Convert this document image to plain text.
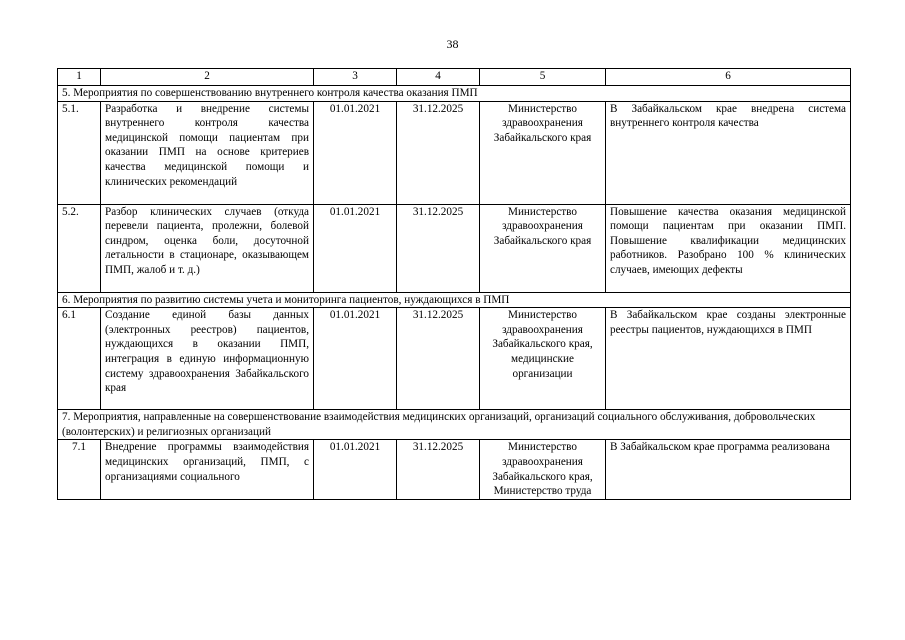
38
1	2	3	4	5	6
5. Мероприятия по совершенствованию внутреннего контроля качества оказания ПМП					
5.1.	Разработка и внедрение системы внутреннего контроля качества медицинской помощи пациентам при оказании ПМП на основе критериев качества медицинской помощи и клинических рекомендаций	01.01.2021	31.12.2025	Министерство здравоохранения Забайкальского края	В Забайкальском крае внедрена система внутреннего контроля качества
5.2.	Разбор клинических случаев (откуда перевели пациента, пролежни, болевой синдром, оценка боли, досуточной летальности в стационаре, оказывающем ПМП, жалоб и т. д.)	01.01.2021	31.12.2025	Министерство здравоохранения Забайкальского края	Повышение качества оказания медицинской помощи пациентам при оказании ПМП. Повышение квалификации медицинских работников. Разобрано 100 % клинических случаев, имеющих дефекты
6. Мероприятия по развитию системы учета и мониторинга пациентов, нуждающихся в ПМП					
6.1	Создание единой базы данных (электронных реестров) пациентов, нуждающихся в оказании ПМП, интеграция в единую информационную систему здравоохранения Забайкальского края	01.01.2021	31.12.2025	Министерство здравоохранения Забайкальского края, медицинские организации	В Забайкальском крае созданы электронные реестры пациентов, нуждающихся в ПМП
7. Мероприятия, направленные на совершенствование взаимодействия медицинских организаций, организаций социального обслуживания, добровольческих (волонтерских) и религиозных организаций					
7.1	Внедрение программы взаимодействия медицинских организаций, ПМП, с организациями социального	01.01.2021	31.12.2025	Министерство здравоохранения Забайкальского края, Министерство труда	В Забайкальском крае программа реализована
